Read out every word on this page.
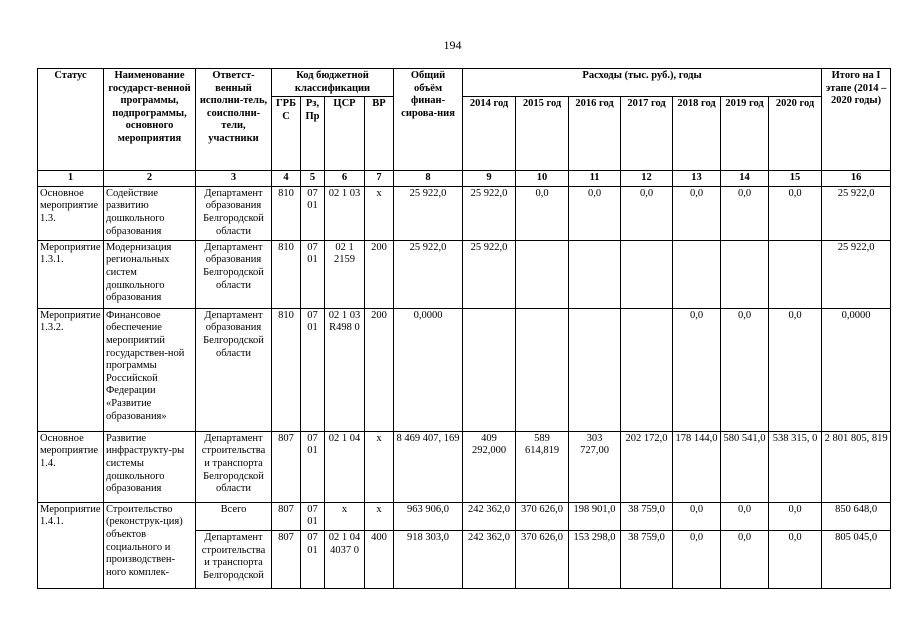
194
Статус	Наименование государст-венной программы, подпрограммы, основного мероприятия	Ответст-венный исполни-тель, соисполни-тели, участники	Код бюджетной классификации				Общий объём финан-сирова-ния	Расходы (тыс. руб.), годы							Итого на I этапе (2014 – 2020 годы)
			ГРБ С	Рз, Пр	ЦСР	ВР		2014 год	2015 год	2016 год	2017 год	2018 год	2019 год	2020 год	
1	2	3	4	5	6	7	8	9	10	11	12	13	14	15	16
Основное мероприятие 1.3.	Содействие развитию дошкольного образования	Департамент образования Белгородской области	810	07 01	02 1 03	х	25 922,0	25 922,0	0,0	0,0	0,0	0,0	0,0	0,0	25 922,0
Мероприятие 1.3.1.	Модернизация региональных систем дошкольного образования	Департамент образования Белгородской области	810	07 01	02 1 2159	200	25 922,0	25 922,0							25 922,0
Мероприятие 1.3.2.	Финансовое обеспечение мероприятий государствен-ной программы Российской Федерации «Развитие образования»	Департамент образования Белгородской области	810	07 01	02 1 03 R498 0	200	0,0000					0,0	0,0	0,0	0,0000
Основное мероприятие 1.4.	Развитие инфраструкту-ры системы дошкольного образования	Департамент строительства и транспорта Белгородской области	807	07 01	02 1 04	х	8 469 407, 169	409 292,000	589 614,819	303 727,00	202 172,0	178 144,0	580 541,0	538 315, 0	2 801 805, 819
Мероприятие 1.4.1.	Строительство (реконструк-ция) объектов социального и производствен-ного комплек-	Всего	807	07 01	х	х	963 906,0	242 362,0	370 626,0	198 901,0	38 759,0	0,0	0,0	0,0	850 648,0
		Департамент строительства и транспорта Белгородской	807	07 01	02 1 04 4037 0	400	918 303,0	242 362,0	370 626,0	153 298,0	38 759,0	0,0	0,0	0,0	805 045,0
